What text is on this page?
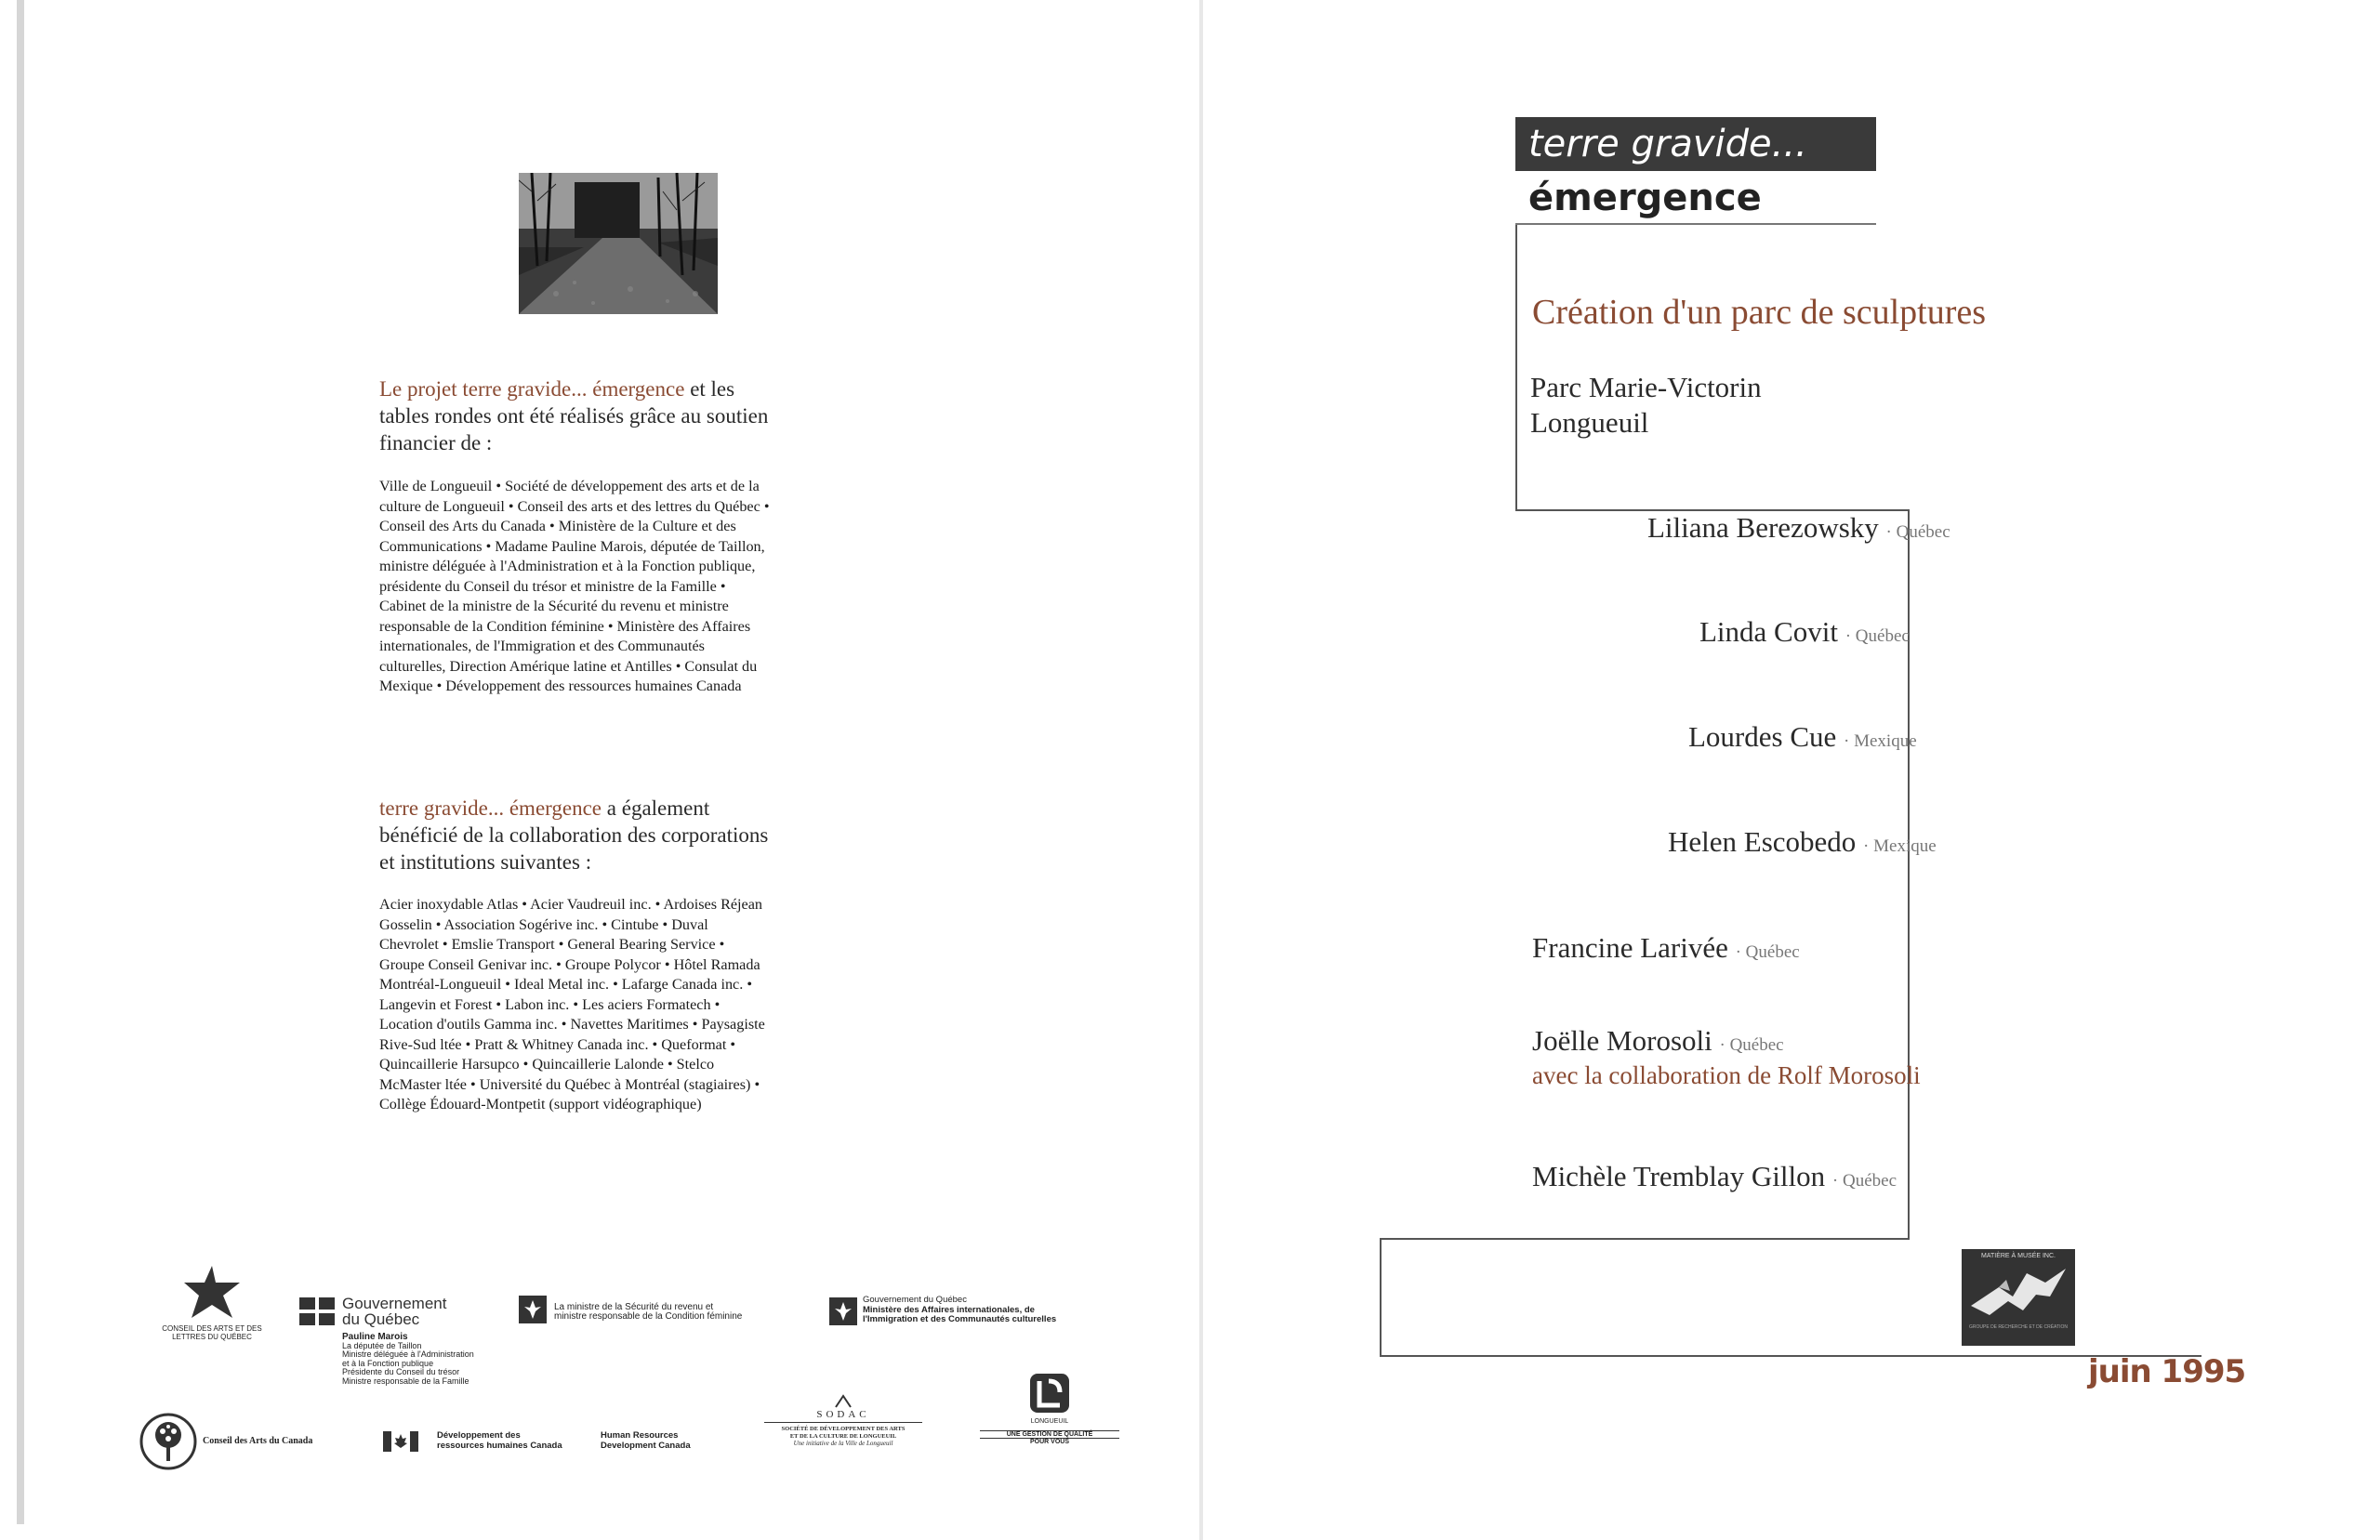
Le projet terre gravide... émergence et les tables rondes ont été réalisés grâce au soutien financier de :
Ville de Longueuil • Société de développement des arts et de la culture de Longueuil • Conseil des arts et des lettres du Québec • Conseil des Arts du Canada • Ministère de la Culture et des Communications • Madame Pauline Marois, députée de Taillon, ministre déléguée à l'Administration et à la Fonction publique, présidente du Conseil du trésor et ministre de la Famille • Cabinet de la ministre de la Sécurité du revenu et ministre responsable de la Condition féminine • Ministère des Affaires internationales, de l'Immigration et des Communautés culturelles, Direction Amérique latine et Antilles • Consulat du Mexique • Développement des ressources humaines Canada
terre gravide... émergence a également bénéficié de la collaboration des corporations et institutions suivantes :
Acier inoxydable Atlas • Acier Vaudreuil inc. • Ardoises Réjean Gosselin • Association Sogérive inc. • Cintube • Duval Chevrolet • Emslie Transport • General Bearing Service • Groupe Conseil Genivar inc. • Groupe Polycor • Hôtel Ramada Montréal-Longueuil • Ideal Metal inc. • Lafarge Canada inc. • Langevin et Forest • Labon inc. • Les aciers Formatech • Location d'outils Gamma inc. • Navettes Maritimes • Paysagiste Rive-Sud ltée • Pratt & Whitney Canada inc. • Queformat • Quincaillerie Harsupco • Quincaillerie Lalonde • Stelco McMaster ltée • Université du Québec à Montréal (stagiaires) • Collège Édouard-Montpetit (support vidéographique)
CONSEIL DES ARTS ET DES LETTRES DU QUÉBEC
Gouvernement
du Québec
Pauline Marois
La députée de Taillon
Ministre déléguée à l'Administration
et à la Fonction publique
Présidente du Conseil du trésor
Ministre responsable de la Famille
La ministre de la Sécurité du revenu et
ministre responsable de la Condition féminine
Gouvernement du Québec
Ministère des Affaires internationales, de
l'Immigration et des Communautés culturelles
Conseil des Arts du Canada
Développement des
ressources humaines Canada
Human Resources
Development Canada
SODAC
SOCIÉTÉ DE DÉVELOPPEMENT DES ARTS
ET DE LA CULTURE DE LONGUEUIL
Une initiative de la Ville de Longueuil
LONGUEUIL
UNE GESTION DE QUALITÉ
POUR VOUS
terre gravide...
émergence
Création d'un parc de sculptures
Parc Marie-Victorin
Longueuil
Liliana Berezowsky · Québec
Linda Covit · Québec
Lourdes Cue · Mexique
Helen Escobedo · Mexique
Francine Larivée · Québec
Joëlle Morosoli · Québec
avec la collaboration de Rolf Morosoli
Michèle Tremblay Gillon · Québec
MATIÈRE À MUSÉE INC.
GROUPE DE RECHERCHE ET DE CRÉATION
juin 1995
